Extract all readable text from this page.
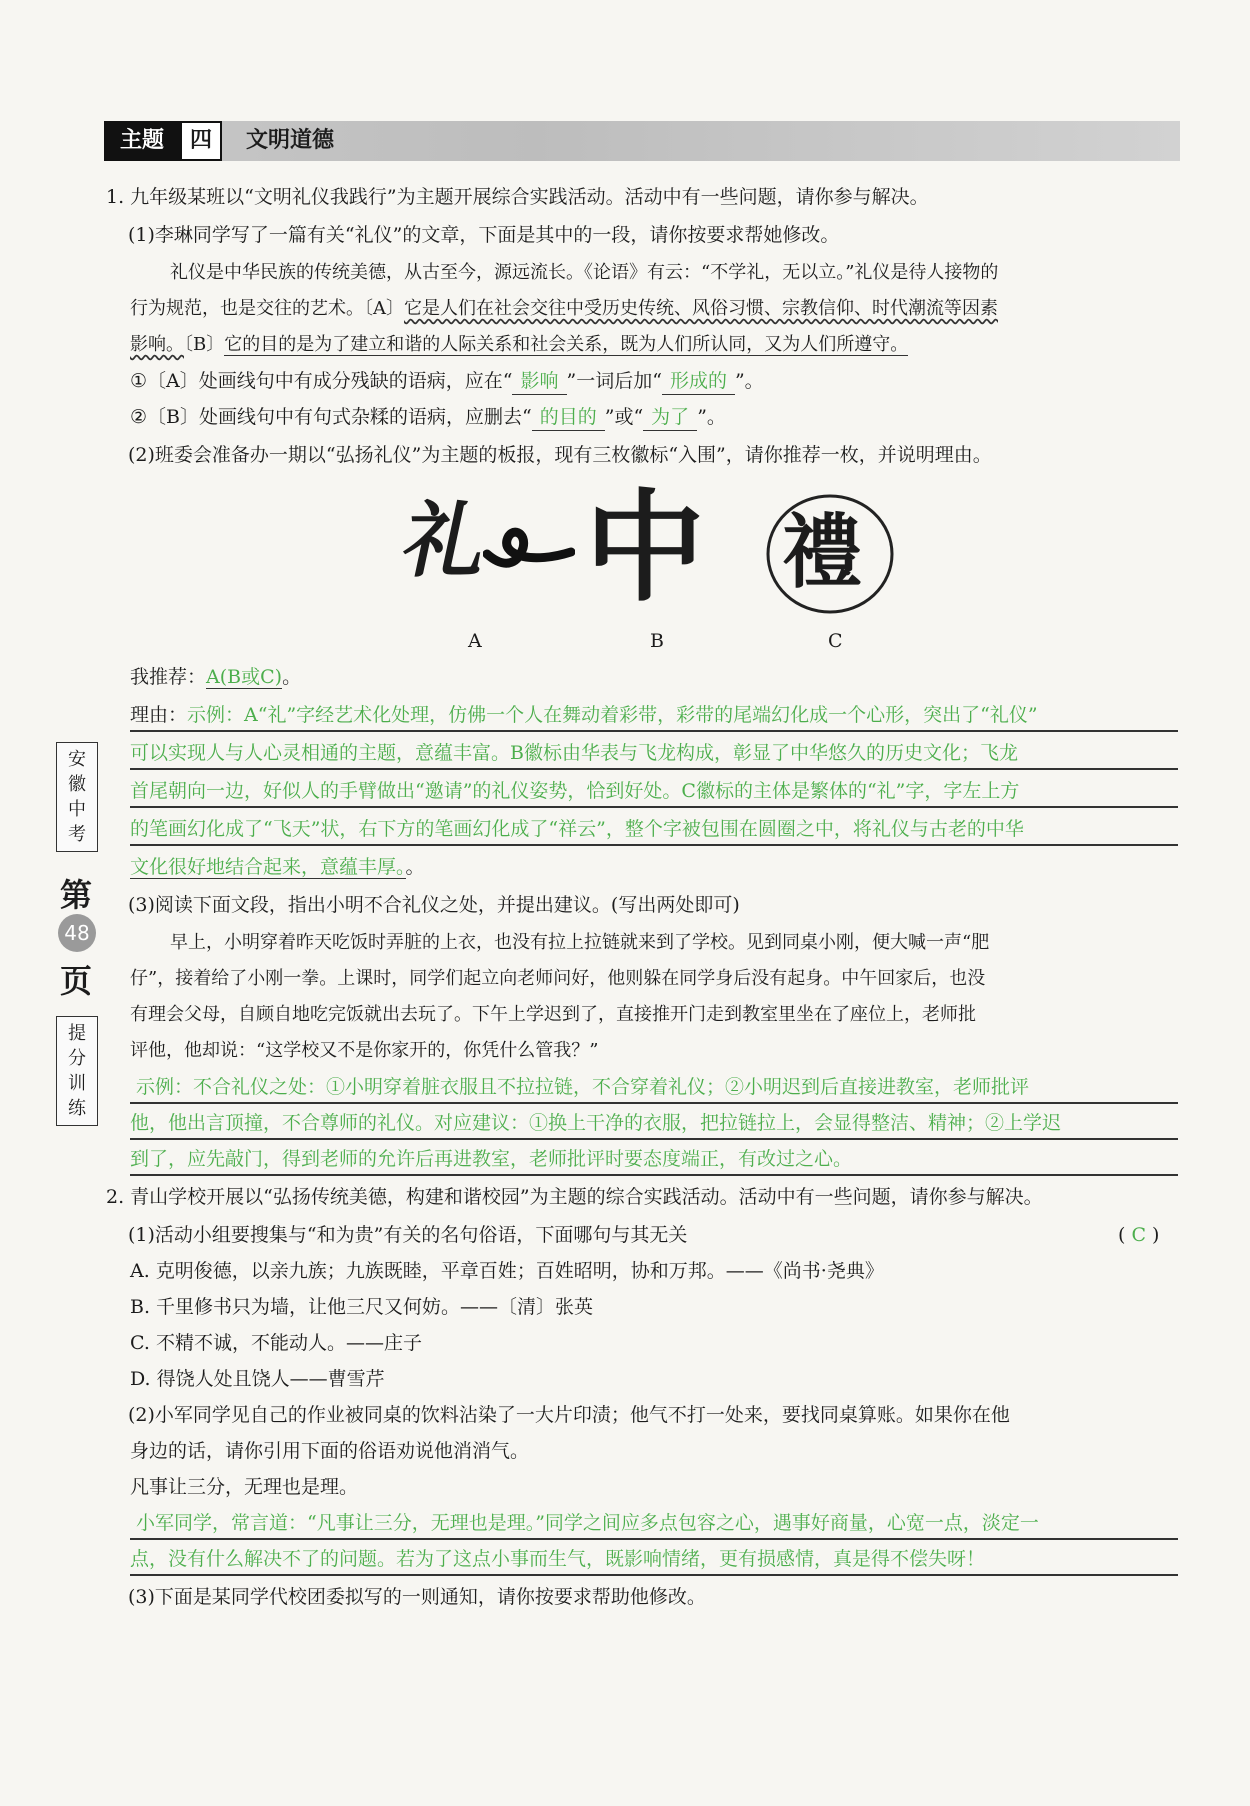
主题	四	文明道德
安
徽
中
考
第
48
页
提
分
训
练
1. 九年级某班以“文明礼仪我践行”为主题开展综合实践活动。活动中有一些问题，请你参与解决。
(1)李琳同学写了一篇有关“礼仪”的文章，下面是其中的一段，请你按要求帮她修改。
礼仪是中华民族的传统美德，从古至今，源远流长。《论语》有云：“不学礼，无以立。”礼仪是待人接物的
行为规范，也是交往的艺术。〔A〕它是人们在社会交往中受历史传统、风俗习惯、宗教信仰、时代潮流等因素
影响。〔B〕它的目的是为了建立和谐的人际关系和社会关系，既为人们所认同，又为人们所遵守。
①〔A〕处画线句中有成分残缺的语病，应在“ 影响 ”一词后加“ 形成的 ”。
②〔B〕处画线句中有句式杂糅的语病，应删去“ 的目的 ”或“ 为了 ”。
(2)班委会准备办一期以“弘扬礼仪”为主题的板报，现有三枚徽标“入围”，请你推荐一枚，并说明理由。
礼 中 禮
A	B	C
我推荐：A(B或C)。
理由：示例：A“礼”字经艺术化处理，仿佛一个人在舞动着彩带，彩带的尾端幻化成一个心形，突出了“礼仪”
可以实现人与人心灵相通的主题，意蕴丰富。B徽标由华表与飞龙构成，彰显了中华悠久的历史文化；飞龙
首尾朝向一边，好似人的手臂做出“邀请”的礼仪姿势，恰到好处。C徽标的主体是繁体的“礼”字，字左上方
的笔画幻化成了“飞天”状，右下方的笔画幻化成了“祥云”，整个字被包围在圆圈之中，将礼仪与古老的中华
文化很好地结合起来，意蕴丰厚。。
(3)阅读下面文段，指出小明不合礼仪之处，并提出建议。(写出两处即可)
早上，小明穿着昨天吃饭时弄脏的上衣，也没有拉上拉链就来到了学校。见到同桌小刚，便大喊一声“肥
仔”，接着给了小刚一拳。上课时，同学们起立向老师问好，他则躲在同学身后没有起身。中午回家后，也没
有理会父母，自顾自地吃完饭就出去玩了。下午上学迟到了，直接推开门走到教室里坐在了座位上，老师批
评他，他却说：“这学校又不是你家开的，你凭什么管我？”
示例：不合礼仪之处：①小明穿着脏衣服且不拉拉链，不合穿着礼仪；②小明迟到后直接进教室，老师批评
他，他出言顶撞，不合尊师的礼仪。对应建议：①换上干净的衣服，把拉链拉上，会显得整洁、精神；②上学迟
到了，应先敲门，得到老师的允许后再进教室，老师批评时要态度端正，有改过之心。
2. 青山学校开展以“弘扬传统美德，构建和谐校园”为主题的综合实践活动。活动中有一些问题，请你参与解决。
(1)活动小组要搜集与“和为贵”有关的名句俗语，下面哪句与其无关	( C )
A. 克明俊德，以亲九族；九族既睦，平章百姓；百姓昭明，协和万邦。——《尚书·尧典》
B. 千里修书只为墙，让他三尺又何妨。——〔清〕张英
C. 不精不诚，不能动人。——庄子
D. 得饶人处且饶人——曹雪芹
(2)小军同学见自己的作业被同桌的饮料沾染了一大片印渍；他气不打一处来，要找同桌算账。如果你在他
身边的话，请你引用下面的俗语劝说他消消气。
凡事让三分，无理也是理。
小军同学，常言道：“凡事让三分，无理也是理。”同学之间应多点包容之心，遇事好商量，心宽一点，淡定一
点，没有什么解决不了的问题。若为了这点小事而生气，既影响情绪，更有损感情，真是得不偿失呀！
(3)下面是某同学代校团委拟写的一则通知，请你按要求帮助他修改。
